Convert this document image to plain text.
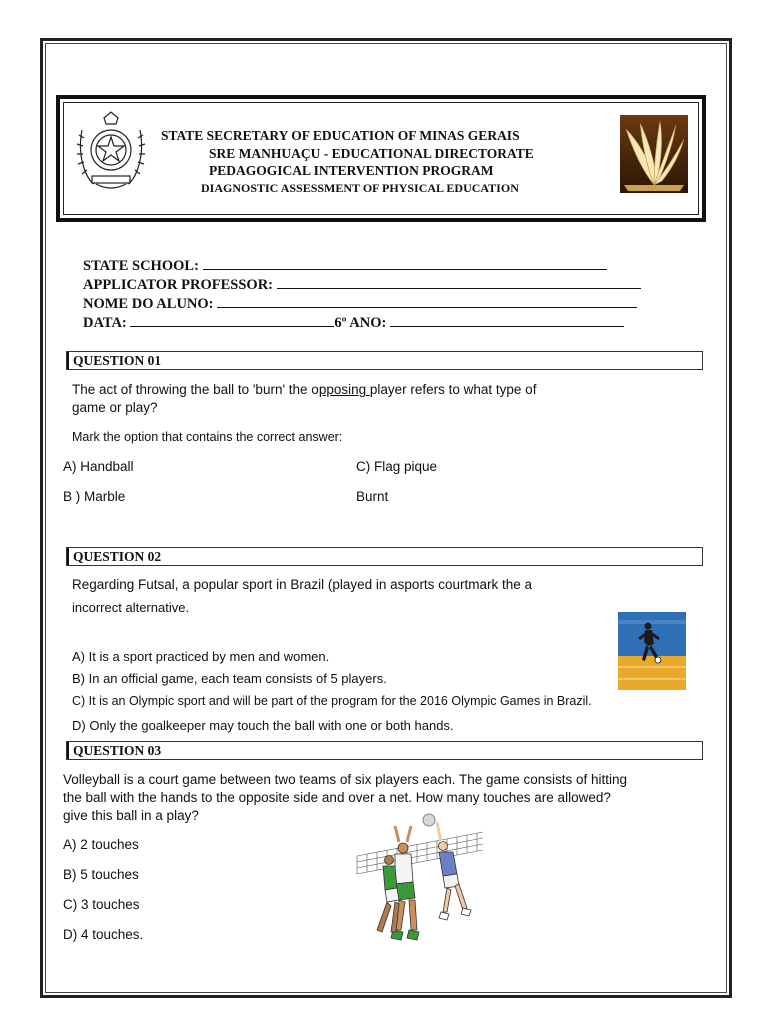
STATE SECRETARY OF EDUCATION OF MINAS GERAIS
SRE MANHUAÇU - EDUCATIONAL DIRECTORATE
PEDAGOGICAL INTERVENTION PROGRAM
DIAGNOSTIC ASSESSMENT OF PHYSICAL EDUCATION
STATE SCHOOL:
APPLICATOR PROFESSOR:
NOME DO ALUNO:
DATA:	6º ANO:
QUESTION 01
The act of throwing the ball to 'burn' the opposing player refers to what type of
game or play?
Mark the option that contains the correct answer:
A) Handball	C) Flag pique
B ) Marble	Burnt
QUESTION 02
Regarding Futsal, a popular sport in Brazil (played in asports courtmark the a
incorrect alternative.
A) It is a sport practiced by men and women.
B) In an official game, each team consists of 5 players.
C) It is an Olympic sport and will be part of the program for the 2016 Olympic Games in Brazil.
D) Only the goalkeeper may touch the ball with one or both hands.
QUESTION 03
Volleyball is a court game between two teams of six players each. The game consists of hitting
the ball with the hands to the opposite side and over a net. How many touches are allowed?
give this ball in a play?
A) 2 touches
B) 5 touches
C) 3 touches
D) 4 touches.
